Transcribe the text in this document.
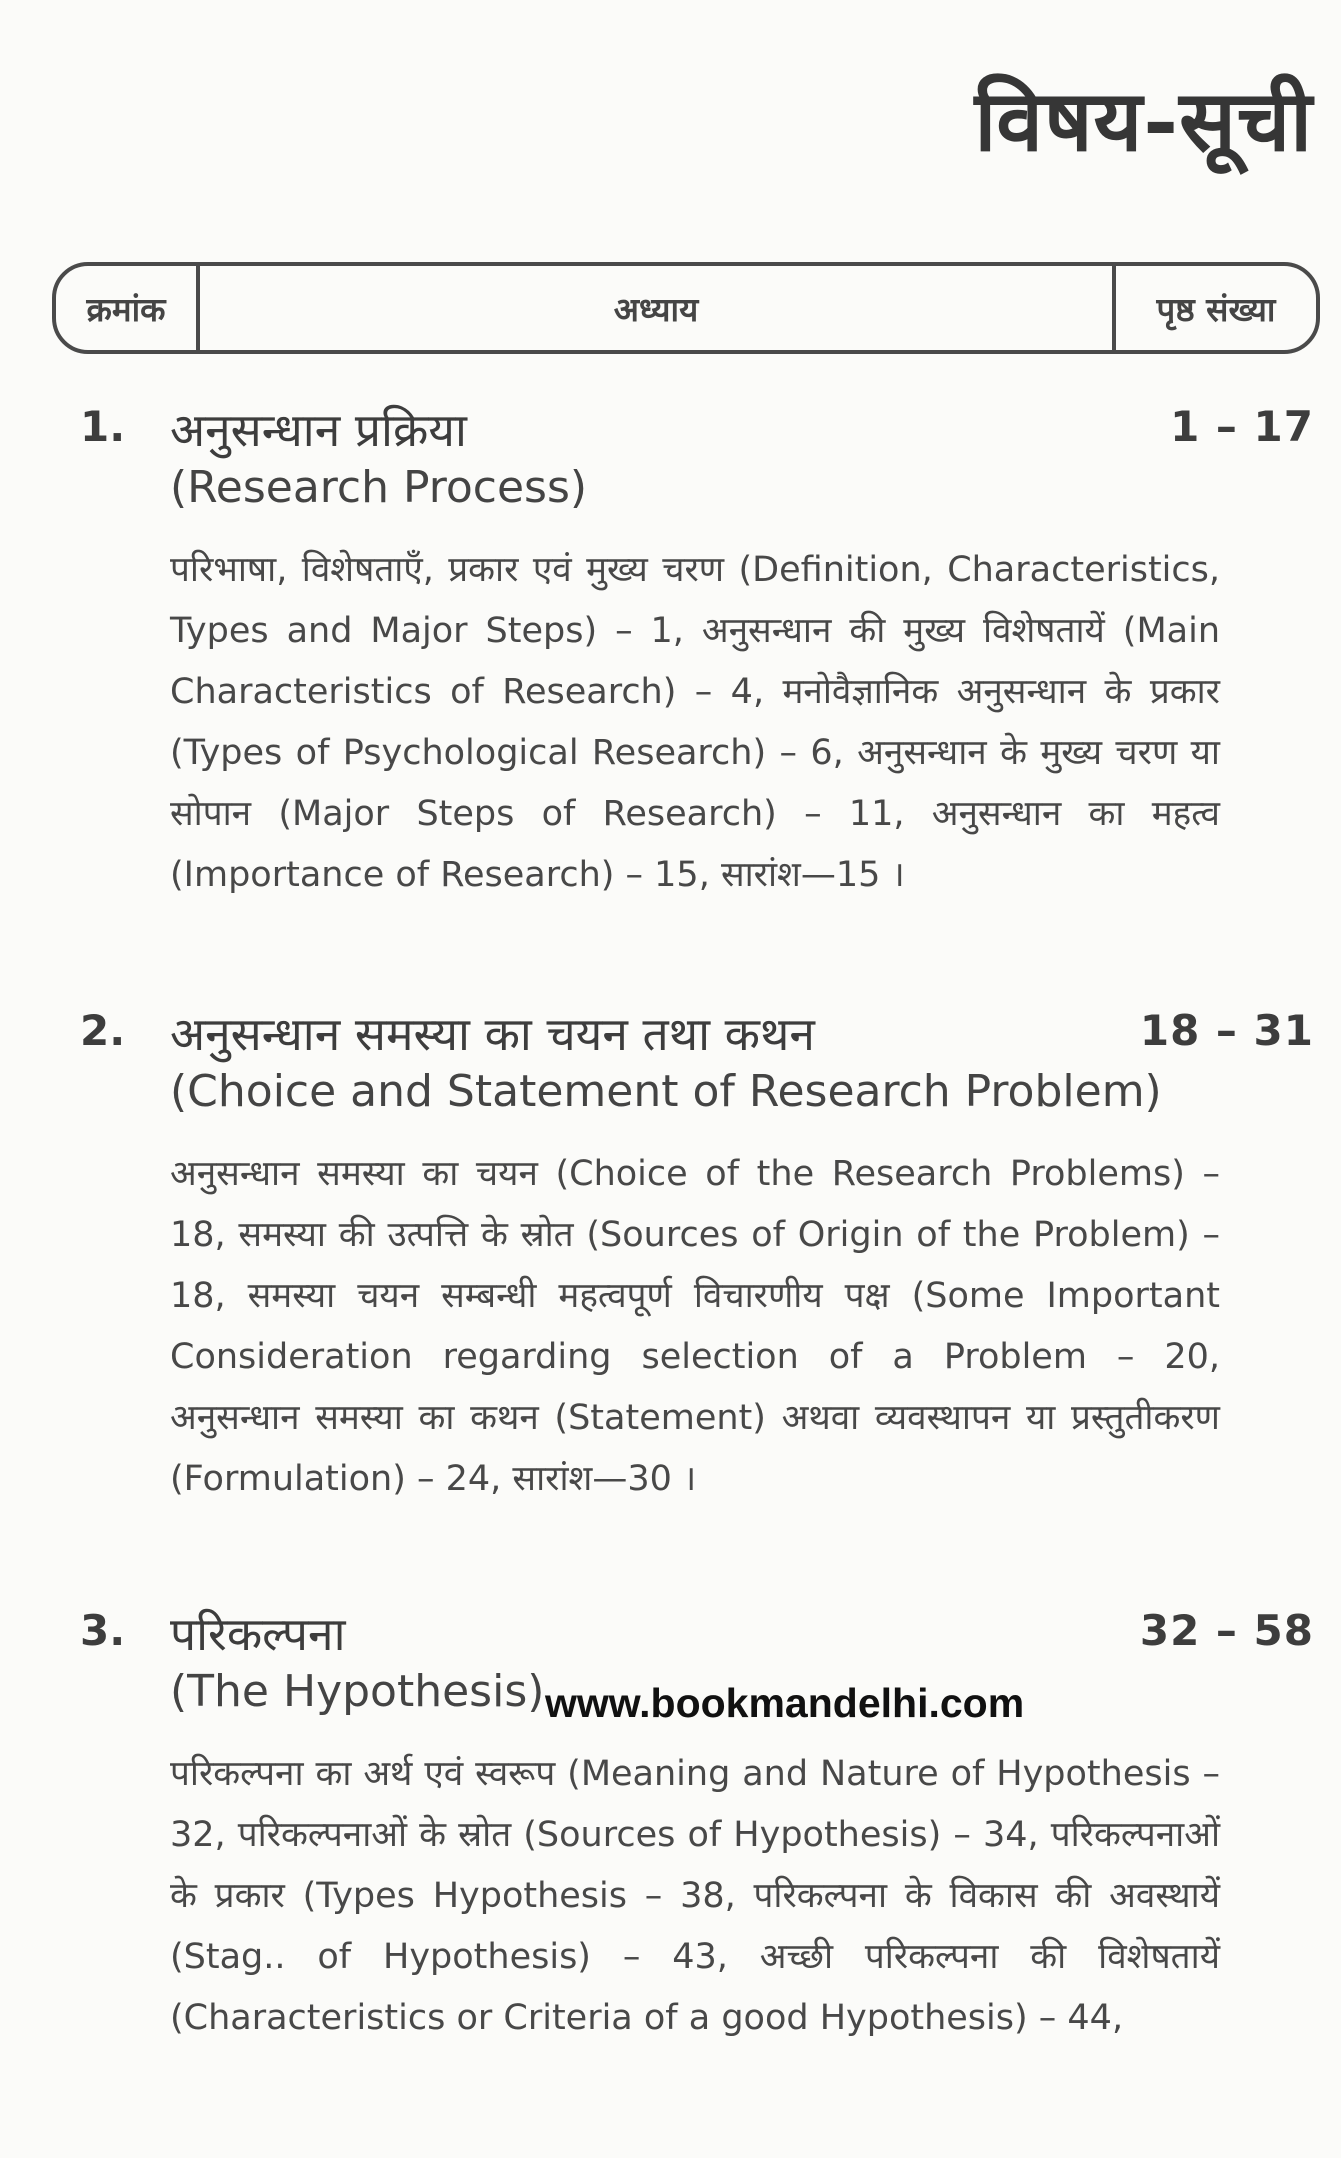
विषय-सूची
क्रमांक	अध्याय	पृष्ठ संख्या
1. अनुसन्धान प्रक्रिया
(Research Process)
1 – 17
परिभाषा, विशेषताएँ, प्रकार एवं मुख्य चरण (Definition, Characteristics, Types and Major Steps) – 1, अनुसन्धान की मुख्य विशेषतायें (Main Characteristics of Research) – 4, मनोवैज्ञानिक अनुसन्धान के प्रकार (Types of Psychological Research) – 6, अनुसन्धान के मुख्य चरण या सोपान (Major Steps of Research) – 11, अनुसन्धान का महत्व (Importance of Research) – 15, सारांश—15 ।
2. अनुसन्धान समस्या का चयन तथा कथन
(Choice and Statement of Research Problem)
18 – 31
अनुसन्धान समस्या का चयन (Choice of the Research Problems) – 18, समस्या की उत्पत्ति के स्रोत (Sources of Origin of the Problem) – 18, समस्या चयन सम्बन्धी महत्वपूर्ण विचारणीय पक्ष (Some Important Consideration regarding selection of a Problem – 20, अनुसन्धान समस्या का कथन (Statement) अथवा व्यवस्थापन या प्रस्तुतीकरण (Formulation) – 24, सारांश—30 ।
3. परिकल्पना
(The Hypothesis)
32 – 58
परिकल्पना का अर्थ एवं स्वरूप (Meaning and Nature of Hypothesis – 32, परिकल्पनाओं के स्रोत (Sources of Hypothesis) – 34, परिकल्पनाओं के प्रकार (Types Hypothesis – 38, परिकल्पना के विकास की अवस्थायें (Stag.. of Hypothesis) – 43, अच्छी परिकल्पना की विशेषतायें (Characteristics or Criteria of a good Hypothesis) – 44,
www.bookmandelhi.com
